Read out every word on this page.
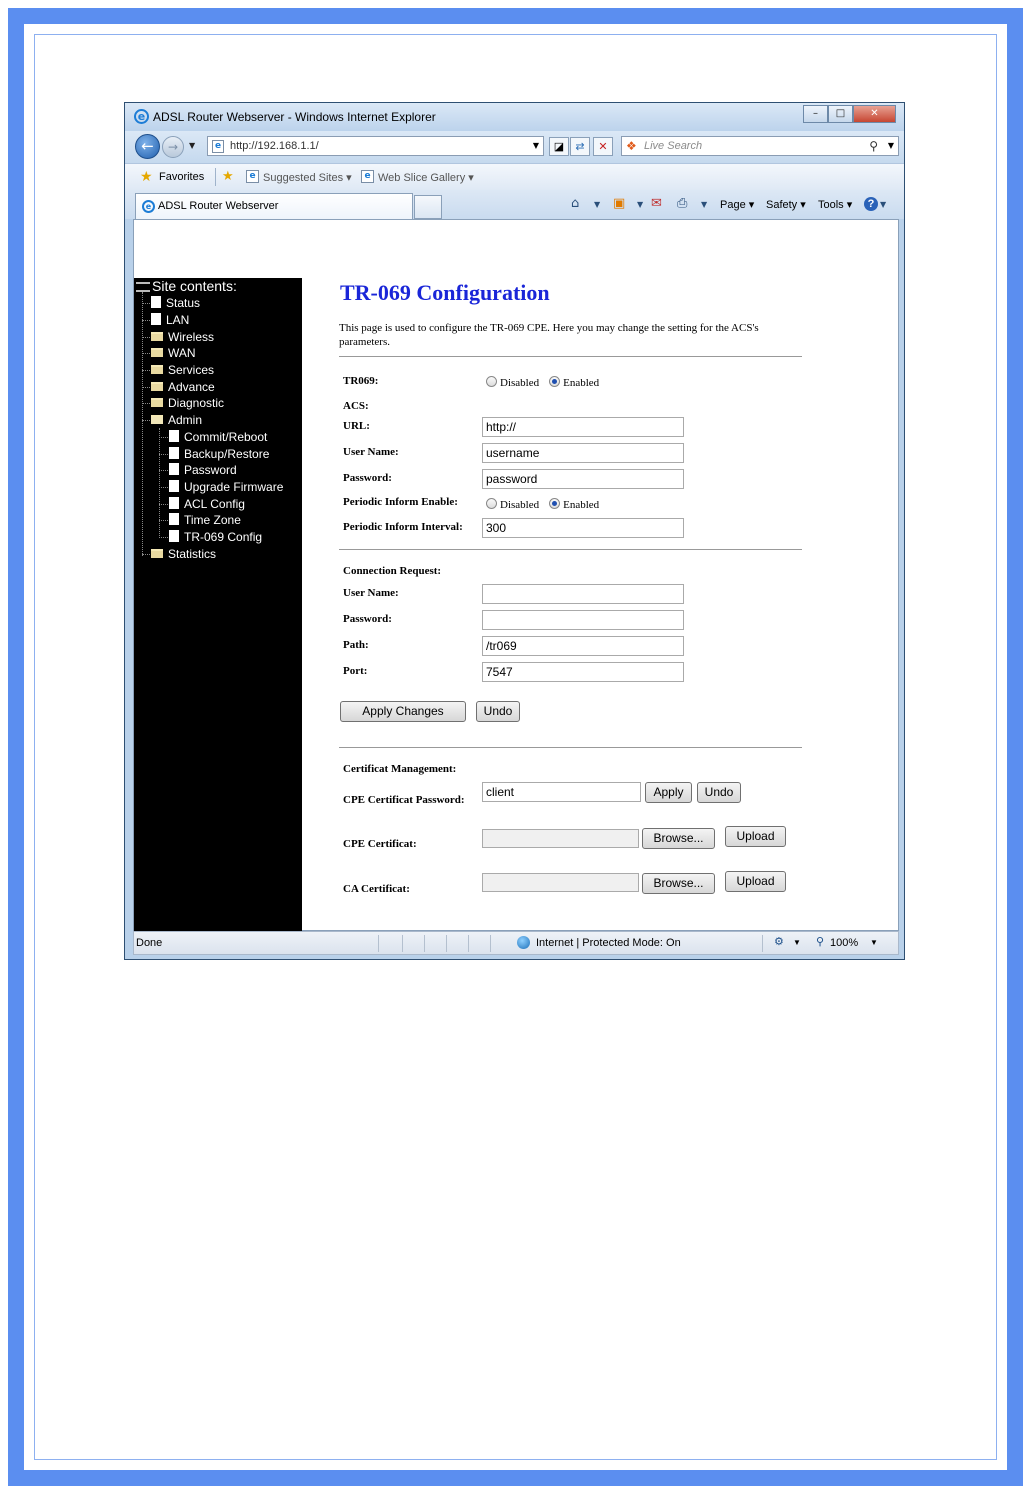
e ADSL Router Webserver - Windows Internet Explorer	–	□	✕
←	→	▼	e http://192.168.1.1/	▼	◪	⇄	✕	❖ Live Search	⚲ ▼
★ Favorites ★	e Suggested Sites ▾	e Web Slice Gallery ▾
e ADSL Router Webserver	⌂ ▼ ▣ ▼ ✉ ⎙ ▼ Page ▾ Safety ▾ Tools ▾	? ▼
Site contents:
Status
LAN
Wireless
WAN
Services
Advance
Diagnostic
Admin
Commit/Reboot
Backup/Restore
Password
Upgrade Firmware
ACL Config
Time Zone
TR-069 Config
Statistics
TR-069 Configuration
This page is used to configure the TR-069 CPE. Here you may change the setting for the ACS's parameters.
TR069:	Disabled Enabled
ACS:
URL:	http://
User Name:	username
Password:	password
Periodic Inform Enable:	Disabled Enabled
Periodic Inform Interval:	300
Connection Request:
User Name:
Password:
Path:	/tr069
Port:	7547
Apply Changes	Undo
Certificat Management:
CPE Certificat Password:
client	Apply	Undo
CPE Certificat:	Browse...	Upload
CA Certificat:	Browse...	Upload
Done	Internet | Protected Mode: On	⚙ ▼ ⚲ 100% ▼
